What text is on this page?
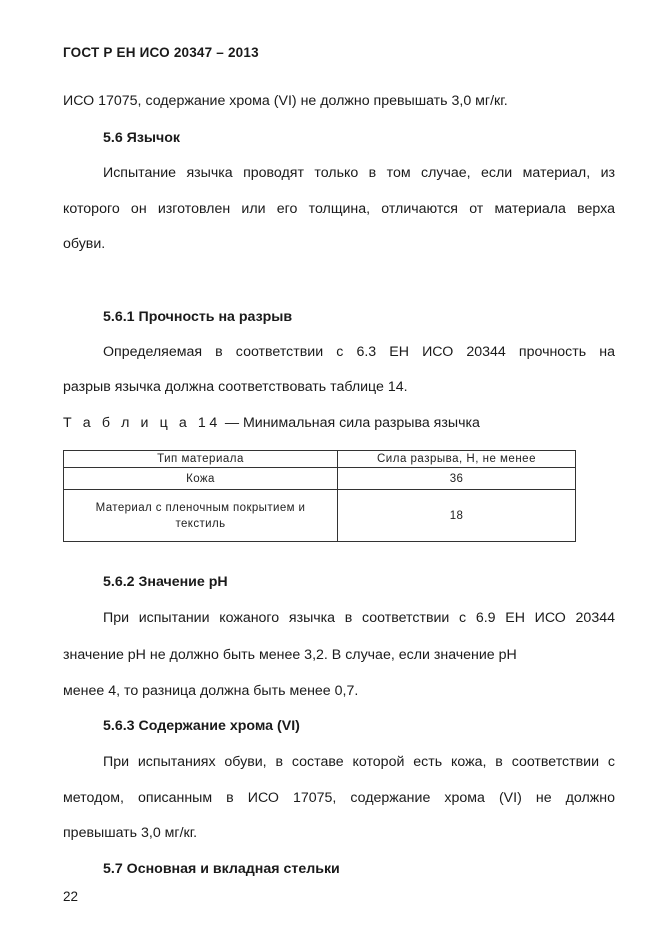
ГОСТ Р ЕН ИСО 20347 – 2013

ИСО 17075, содержание хрома (VI) не должно превышать 3,0 мг/кг.

5.6 Язычок

Испытание язычка проводят только в том случае, если материал, из

которого он изготовлен или его толщина, отличаются от материала верха

обуви.

5.6.1 Прочность на разрыв

Определяемая в соответствии с 6.3 ЕН ИСО 20344 прочность на

разрыв язычка должна соответствовать таблице 14.

Т а б л и ц а 14 — Минимальная сила разрыва язычка

Тип материала	Сила разрыва, Н, не менее
Кожа	36
Материал с пленочным покрытием и
текстиль	18

5.6.2 Значение pH

При испытании кожаного язычка в соответствии с 6.9 ЕН ИСО 20344

значение pH не должно быть менее 3,2. В случае, если значение pH

менее 4, то разница должна быть менее 0,7.

5.6.3 Содержание хрома (VI)

При испытаниях обуви, в составе которой есть кожа, в соответствии с

методом, описанным в ИСО 17075, содержание хрома (VI) не должно

превышать 3,0 мг/кг.

5.7 Основная и вкладная стельки

22
